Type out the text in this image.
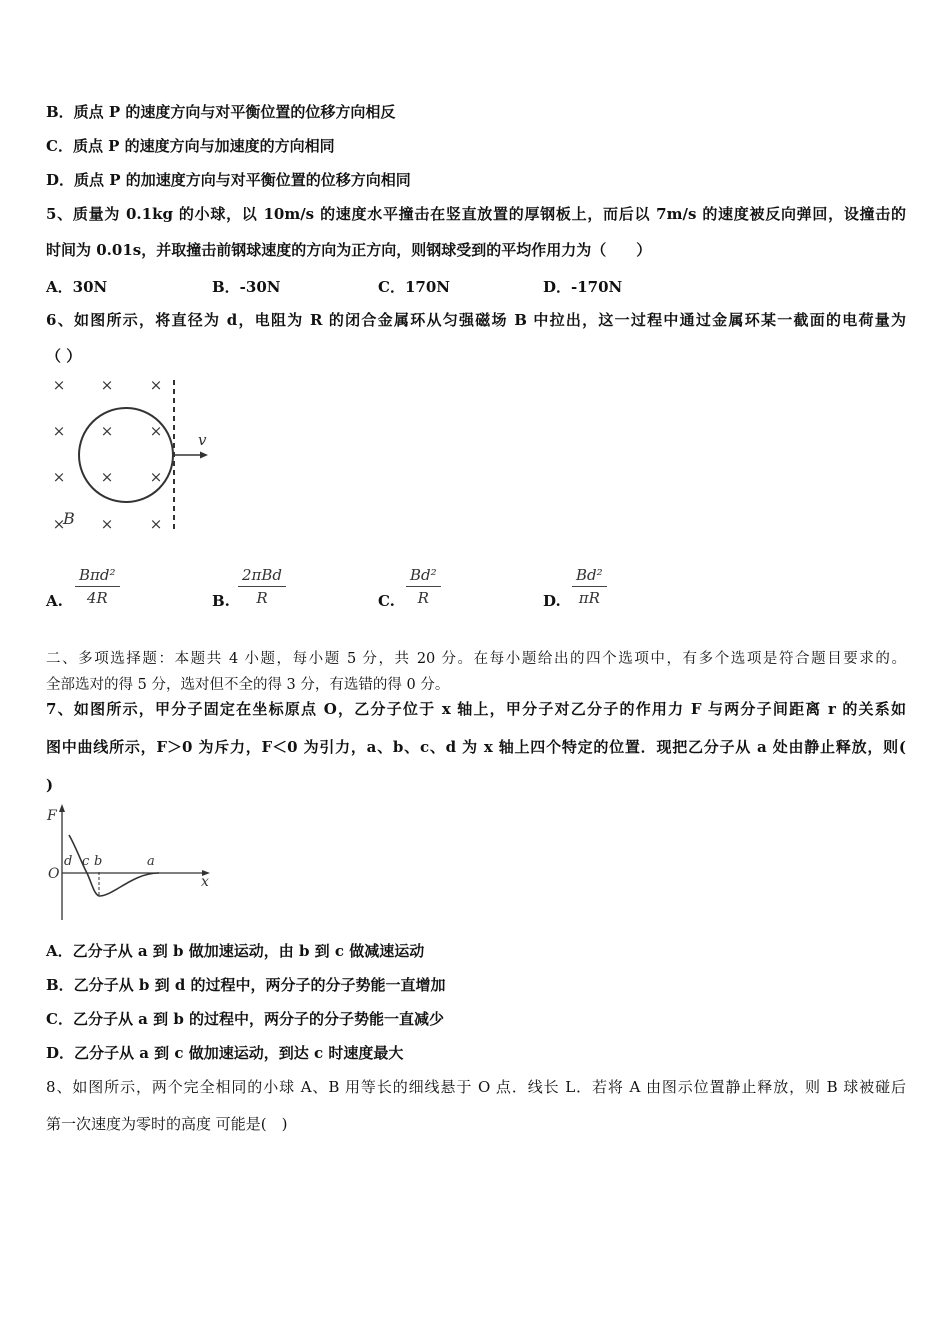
B．质点 P 的速度方向与对平衡位置的位移方向相反
C．质点 P 的速度方向与加速度的方向相同
D．质点 P 的加速度方向与对平衡位置的位移方向相同
5、质量为 0.1kg 的小球，以 10m/s 的速度水平撞击在竖直放置的厚钢板上，而后以 7m/s 的速度被反向弹回，设撞击的
时间为 0.01s，并取撞击前钢球速度的方向为正方向，则钢球受到的平均作用力为（　　）
A．30N	B．-30N	C．170N	D．-170N
6、如图所示，将直径为 d，电阻为 R 的闭合金属环从匀强磁场 B 中拉出，这一过程中通过金属环某一截面的电荷量为
（ ）
× × ×
× × ×
× × ×
× × ×
v
B
A.
Bπd²
4R	B.
2πBd
R	C. $\frac{\text{Bd²}}{R}$	D. $\frac{\text{Bd²}}{\pi R}$
二、多项选择题：本题共 4 小题，每小题 5 分，共 20 分。在每小题给出的四个选项中，有多个选项是符合题目要求的。
全部选对的得 5 分，选对但不全的得 3 分，有选错的得 0 分。
7、如图所示，甲分子固定在坐标原点 O，乙分子位于 x 轴上，甲分子对乙分子的作用力 F 与两分子间距离 r 的关系如
图中曲线所示，F＞0 为斥力，F＜0 为引力，a、b、c、d 为 x 轴上四个特定的位置．现把乙分子从 a 处由静止释放，则(
)
F
O	x
d c b	a
A．乙分子从 a 到 b 做加速运动，由 b 到 c 做减速运动
B．乙分子从 b 到 d 的过程中，两分子的分子势能一直增加
C．乙分子从 a 到 b 的过程中，两分子的分子势能一直减少
D．乙分子从 a 到 c 做加速运动，到达 c 时速度最大
8、如图所示，两个完全相同的小球 A、B 用等长的细线悬于 O 点．线长 L．若将 A 由图示位置静止释放，则 B 球被碰后
第一次速度为零时的高度 可能是(　)
